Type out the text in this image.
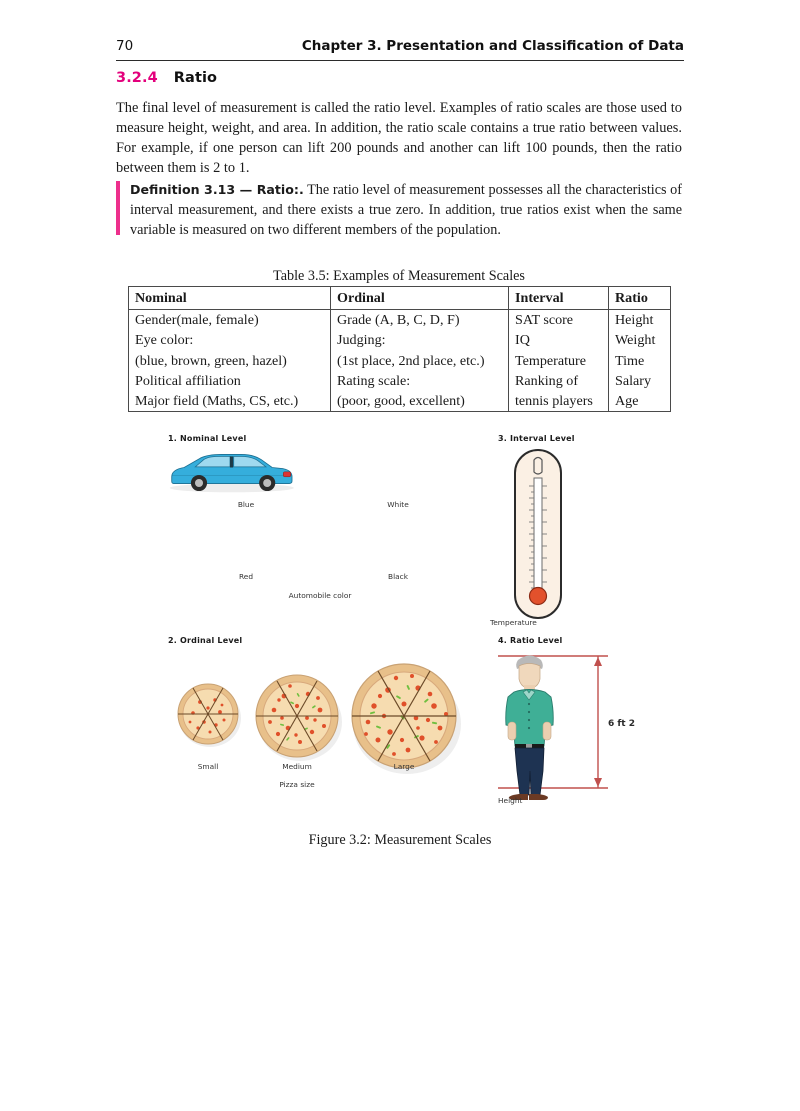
70	Chapter 3. Presentation and Classification of Data
3.2.4 Ratio
The final level of measurement is called the ratio level. Examples of ratio scales are those used to measure height, weight, and area. In addition, the ratio scale contains a true ratio between values. For example, if one person can lift 200 pounds and another can lift 100 pounds, then the ratio between them is 2 to 1.
Definition 3.13 — Ratio:. The ratio level of measurement possesses all the characteristics of interval measurement, and there exists a true zero. In addition, true ratios exist when the same variable is measured on two different members of the population.
Table 3.5: Examples of Measurement Scales
Nominal	Ordinal	Interval	Ratio
Gender(male, female)	Grade (A, B, C, D, F)	SAT score	Height
Eye color:	Judging:	IQ	Weight
(blue, brown, green, hazel)	(1st place, 2nd place, etc.)	Temperature	Time
Political affiliation	Rating scale:	Ranking of	Salary
Major field (Maths, CS, etc.)	(poor, good, excellent)	tennis players	Age
1. Nominal Level
Blue	White
Red	Black
Automobile color
2. Ordinal Level
Small	Medium	Large
Pizza size
3. Interval Level
Temperature
4. Ratio Level
6 ft 2
Height
Figure 3.2: Measurement Scales
